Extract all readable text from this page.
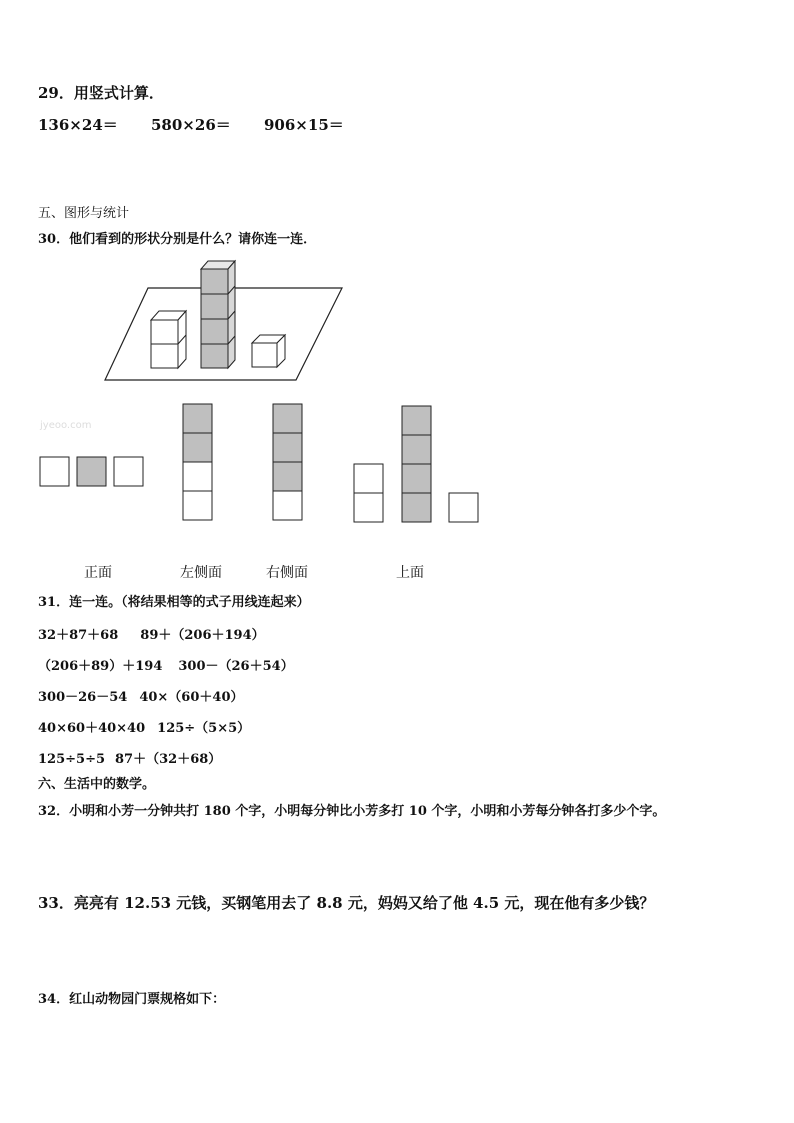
29．用竖式计算．
136×24＝ 580×26＝ 906×15＝
五、图形与统计
30．他们看到的形状分别是什么？请你连一连．
jyeoo.com
正面	左侧面	右侧面	上面
31．连一连。（将结果相等的式子用线连起来）
32＋87＋68 89＋（206＋194）
（206＋89）＋194 300－（26＋54）
300－26－54 40×（60＋40）
40×60＋40×40 125÷（5×5）
125÷5÷5 87＋（32＋68）
六、生活中的数学。
32．小明和小芳一分钟共打 180 个字，小明每分钟比小芳多打 10 个字，小明和小芳每分钟各打多少个字。
33．亮亮有 12.53 元钱，买钢笔用去了 8.8 元，妈妈又给了他 4.5 元，现在他有多少钱？
34．红山动物园门票规格如下：
